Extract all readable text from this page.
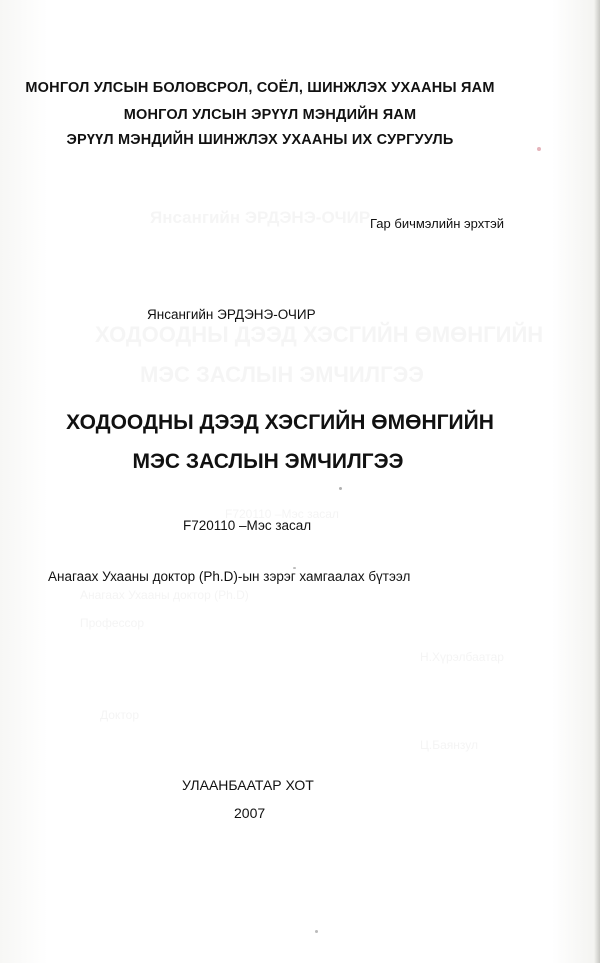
Янсангийн ЭРДЭНЭ-ОЧИР
ХОДООДНЫ ДЭЭД ХЭСГИЙН ӨМӨНГИЙН
МЭС ЗАСЛЫН ЭМЧИЛГЭЭ
F720110 –Мэс засал
Анагаах Ухааны доктор (Ph.D)
Профессор
Н.Хүрэлбаатар
Доктор
Ц.Баянзул
МОНГОЛ УЛСЫН БОЛОВСРОЛ, СОЁЛ, ШИНЖЛЭХ УХААНЫ ЯАМ
МОНГОЛ УЛСЫН ЭРҮҮЛ МЭНДИЙН ЯАМ
ЭРҮҮЛ МЭНДИЙН ШИНЖЛЭХ УХААНЫ ИХ СУРГУУЛЬ
Гар бичмэлийн эрхтэй
Янсангийн ЭРДЭНЭ-ОЧИР
ХОДООДНЫ ДЭЭД ХЭСГИЙН ӨМӨНГИЙН
МЭС ЗАСЛЫН ЭМЧИЛГЭЭ
F720110 –Мэс засал
Анагаах Ухааны доктор (Ph.D)-ын зэрэг хамгаалах бүтээл
УЛААНБААТАР ХОТ
2007
